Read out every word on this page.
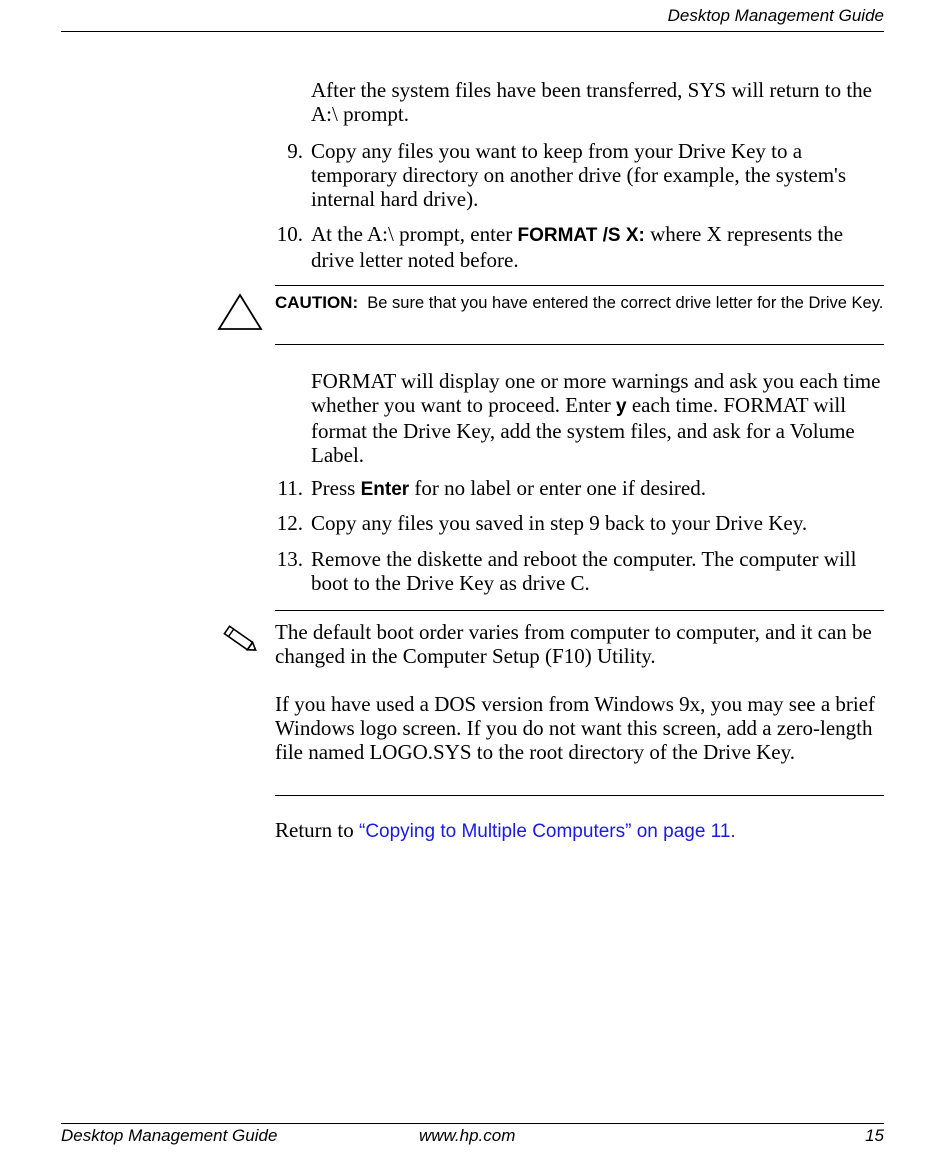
Desktop Management Guide
After the system files have been transferred, SYS will return to the A:\ prompt.
9. Copy any files you want to keep from your Drive Key to a temporary directory on another drive (for example, the system's internal hard drive).
10. At the A:\ prompt, enter FORMAT /S X: where X represents the drive letter noted before.
CAUTION: Be sure that you have entered the correct drive letter for the Drive Key.
FORMAT will display one or more warnings and ask you each time whether you want to proceed. Enter y each time. FORMAT will format the Drive Key, add the system files, and ask for a Volume Label.
11. Press Enter for no label or enter one if desired.
12. Copy any files you saved in step 9 back to your Drive Key.
13. Remove the diskette and reboot the computer. The computer will boot to the Drive Key as drive C.
The default boot order varies from computer to computer, and it can be changed in the Computer Setup (F10) Utility.
If you have used a DOS version from Windows 9x, you may see a brief Windows logo screen. If you do not want this screen, add a zero-length file named LOGO.SYS to the root directory of the Drive Key.
Return to “Copying to Multiple Computers” on page 11.
Desktop Management Guide	www.hp.com	15
